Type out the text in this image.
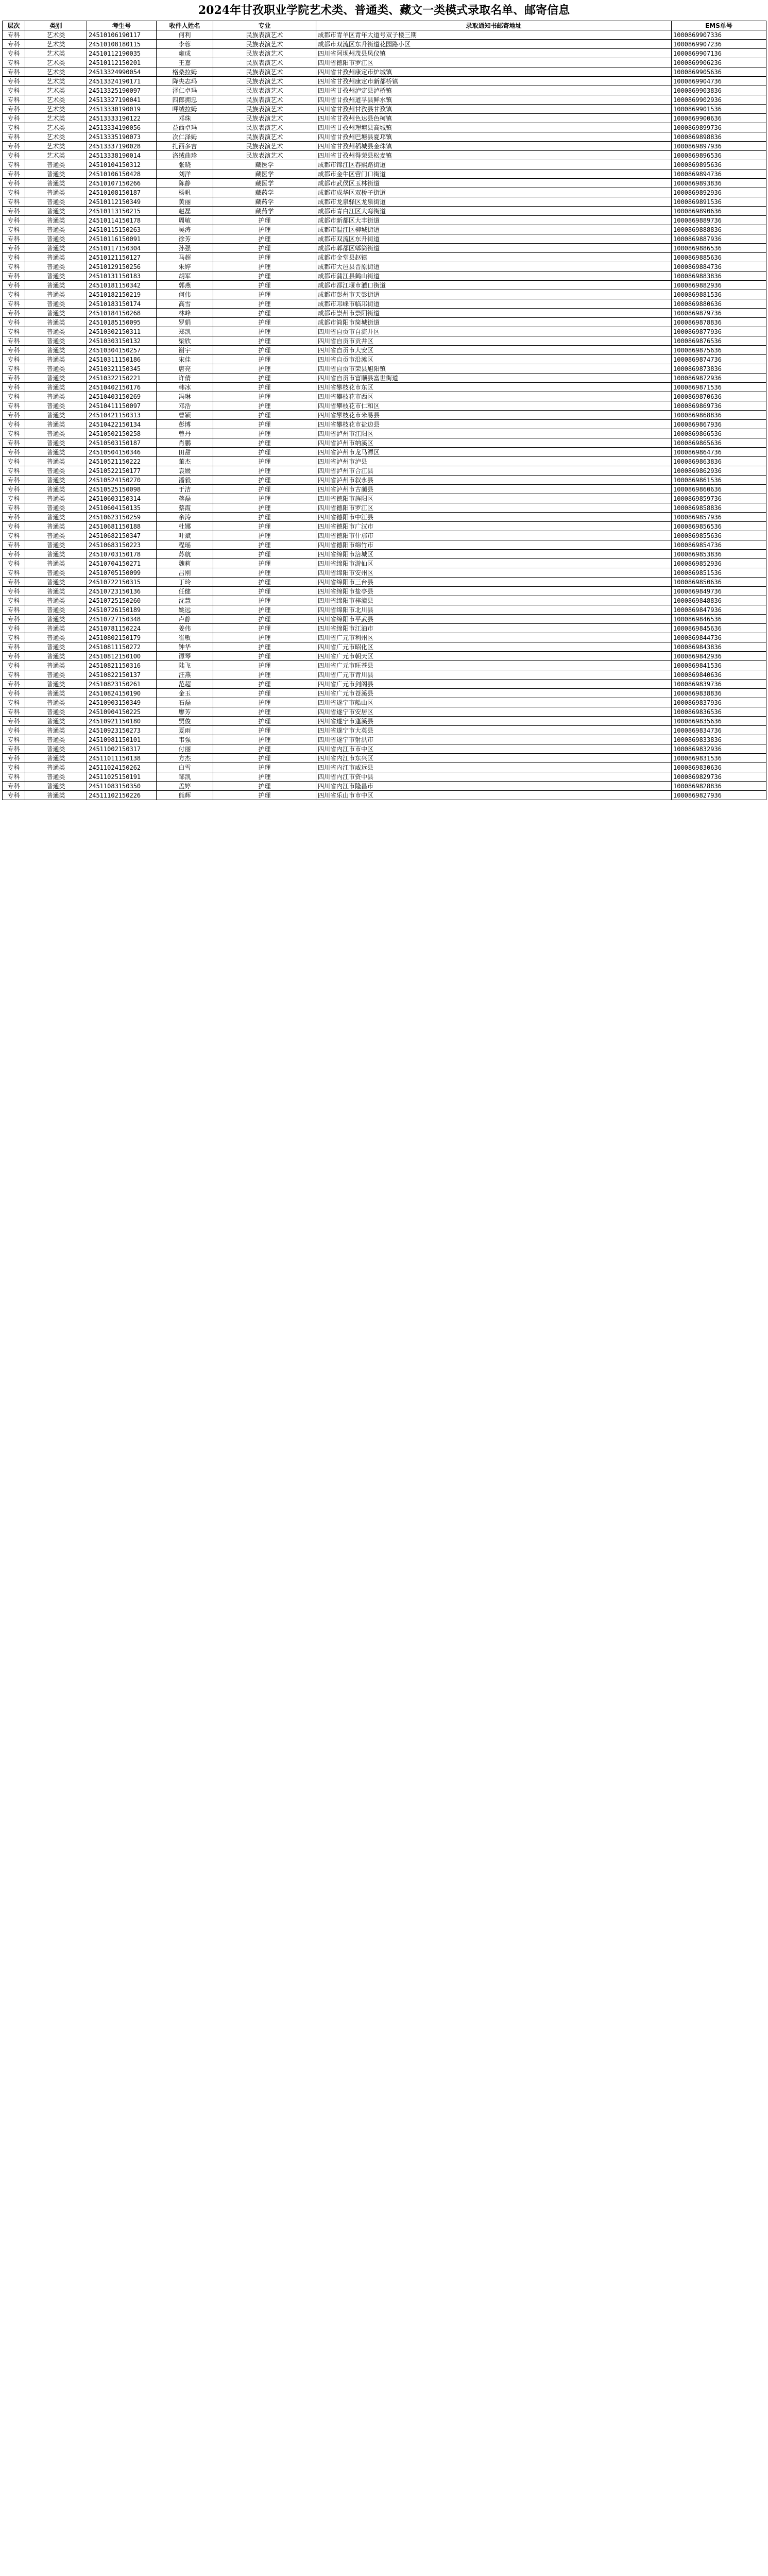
2024年甘孜职业学院艺术类、普通类、藏文一类模式录取名单、邮寄信息
层次	类别	考生号	收件人姓名	专业	录取通知书邮寄地址	EMS单号
专科	艺术类	24510106190117	何利	民族表演艺术	成都市青羊区青年大道号双子楼三期	1000869907336
专科	艺术类	24510108180115	李蓉	民族表演艺术	成都市双流区东升街道花园路小区	1000869907236
专科	艺术类	24510112190035	雍成	民族表演艺术	四川省阿坝州茂县凤仪镇	1000869907136
专科	艺术类	24510112150201	王嘉	民族表演艺术	四川省德阳市罗江区	1000869906236
专科	艺术类	24513324990054	格桑拉姆	民族表演艺术	四川省甘孜州康定市炉城镇	1000869905636
专科	艺术类	24513324190171	降央志玛	民族表演艺术	四川省甘孜州康定市新都桥镇	1000869904736
专科	艺术类	24513325190097	泽仁卓玛	民族表演艺术	四川省甘孜州泸定县泸桥镇	1000869903836
专科	艺术类	24513327190041	四郎拥忠	民族表演艺术	四川省甘孜州道孚县鲜水镇	1000869902936
专科	艺术类	24513330190019	呷绒拉姆	民族表演艺术	四川省甘孜州甘孜县甘孜镇	1000869901536
专科	艺术类	24513333190122	邓珠	民族表演艺术	四川省甘孜州色达县色柯镇	1000869900636
专科	艺术类	24513334190056	益西卓玛	民族表演艺术	四川省甘孜州理塘县高城镇	1000869899736
专科	艺术类	24513335190073	次仁泽姆	民族表演艺术	四川省甘孜州巴塘县夏邛镇	1000869898836
专科	艺术类	24513337190028	扎西多吉	民族表演艺术	四川省甘孜州稻城县金珠镇	1000869897936
专科	艺术类	24513338190014	洛绒曲珍	民族表演艺术	四川省甘孜州得荣县松麦镇	1000869896536
专科	普通类	24510104150312	张晓	藏医学	成都市锦江区春熙路街道	1000869895636
专科	普通类	24510106150428	刘洋	藏医学	成都市金牛区营门口街道	1000869894736
专科	普通类	24510107150266	陈静	藏医学	成都市武侯区玉林街道	1000869893836
专科	普通类	24510108150187	杨帆	藏药学	成都市成华区双桥子街道	1000869892936
专科	普通类	24510112150349	黄丽	藏药学	成都市龙泉驿区龙泉街道	1000869891536
专科	普通类	24510113150215	赵磊	藏药学	成都市青白江区大弯街道	1000869890636
专科	普通类	24510114150178	周敏	护理	成都市新都区大丰街道	1000869889736
专科	普通类	24510115150263	吴涛	护理	成都市温江区柳城街道	1000869888836
专科	普通类	24510116150091	徐芳	护理	成都市双流区东升街道	1000869887936
专科	普通类	24510117150304	孙强	护理	成都市郫都区郫筒街道	1000869886536
专科	普通类	24510121150127	马超	护理	成都市金堂县赵镇	1000869885636
专科	普通类	24510129150256	朱婷	护理	成都市大邑县晋原街道	1000869884736
专科	普通类	24510131150183	胡军	护理	成都市蒲江县鹤山街道	1000869883836
专科	普通类	24510181150342	郭燕	护理	成都市都江堰市灌口街道	1000869882936
专科	普通类	24510182150219	何伟	护理	成都市彭州市天彭街道	1000869881536
专科	普通类	24510183150174	高雪	护理	成都市邛崃市临邛街道	1000869880636
专科	普通类	24510184150268	林峰	护理	成都市崇州市崇阳街道	1000869879736
专科	普通类	24510185150095	罗娟	护理	成都市简阳市简城街道	1000869878836
专科	普通类	24510302150311	郑凯	护理	四川省自贡市自流井区	1000869877936
专科	普通类	24510303150132	梁欣	护理	四川省自贡市贡井区	1000869876536
专科	普通类	24510304150257	谢宇	护理	四川省自贡市大安区	1000869875636
专科	普通类	24510311150186	宋佳	护理	四川省自贡市沿滩区	1000869874736
专科	普通类	24510321150345	唐亮	护理	四川省自贡市荣县旭阳镇	1000869873836
专科	普通类	24510322150221	许倩	护理	四川省自贡市富顺县富世街道	1000869872936
专科	普通类	24510402150176	韩冰	护理	四川省攀枝花市东区	1000869871536
专科	普通类	24510403150269	冯琳	护理	四川省攀枝花市西区	1000869870636
专科	普通类	24510411150097	邓浩	护理	四川省攀枝花市仁和区	1000869869736
专科	普通类	24510421150313	曹颖	护理	四川省攀枝花市米易县	1000869868836
专科	普通类	24510422150134	彭博	护理	四川省攀枝花市盐边县	1000869867936
专科	普通类	24510502150258	曾丹	护理	四川省泸州市江阳区	1000869866536
专科	普通类	24510503150187	肖鹏	护理	四川省泸州市纳溪区	1000869865636
专科	普通类	24510504150346	田甜	护理	四川省泸州市龙马潭区	1000869864736
专科	普通类	24510521150222	董杰	护理	四川省泸州市泸县	1000869863836
专科	普通类	24510522150177	袁媛	护理	四川省泸州市合江县	1000869862936
专科	普通类	24510524150270	潘毅	护理	四川省泸州市叙永县	1000869861536
专科	普通类	24510525150098	于洁	护理	四川省泸州市古蔺县	1000869860636
专科	普通类	24510603150314	蒋磊	护理	四川省德阳市旌阳区	1000869859736
专科	普通类	24510604150135	蔡霞	护理	四川省德阳市罗江区	1000869858836
专科	普通类	24510623150259	余涛	护理	四川省德阳市中江县	1000869857936
专科	普通类	24510681150188	杜娜	护理	四川省德阳市广汉市	1000869856536
专科	普通类	24510682150347	叶斌	护理	四川省德阳市什邡市	1000869855636
专科	普通类	24510683150223	程瑶	护理	四川省德阳市绵竹市	1000869854736
专科	普通类	24510703150178	苏航	护理	四川省绵阳市涪城区	1000869853836
专科	普通类	24510704150271	魏莉	护理	四川省绵阳市游仙区	1000869852936
专科	普通类	24510705150099	吕刚	护理	四川省绵阳市安州区	1000869851536
专科	普通类	24510722150315	丁玲	护理	四川省绵阳市三台县	1000869850636
专科	普通类	24510723150136	任健	护理	四川省绵阳市盐亭县	1000869849736
专科	普通类	24510725150260	沈慧	护理	四川省绵阳市梓潼县	1000869848836
专科	普通类	24510726150189	姚远	护理	四川省绵阳市北川县	1000869847936
专科	普通类	24510727150348	卢静	护理	四川省绵阳市平武县	1000869846536
专科	普通类	24510781150224	姜伟	护理	四川省绵阳市江油市	1000869845636
专科	普通类	24510802150179	崔敏	护理	四川省广元市利州区	1000869844736
专科	普通类	24510811150272	钟华	护理	四川省广元市昭化区	1000869843836
专科	普通类	24510812150100	谭琴	护理	四川省广元市朝天区	1000869842936
专科	普通类	24510821150316	陆飞	护理	四川省广元市旺苍县	1000869841536
专科	普通类	24510822150137	汪燕	护理	四川省广元市青川县	1000869840636
专科	普通类	24510823150261	范超	护理	四川省广元市剑阁县	1000869839736
专科	普通类	24510824150190	金玉	护理	四川省广元市苍溪县	1000869838836
专科	普通类	24510903150349	石磊	护理	四川省遂宁市船山区	1000869837936
专科	普通类	24510904150225	廖芳	护理	四川省遂宁市安居区	1000869836536
专科	普通类	24510921150180	贾俊	护理	四川省遂宁市蓬溪县	1000869835636
专科	普通类	24510923150273	夏雨	护理	四川省遂宁市大英县	1000869834736
专科	普通类	24510981150101	韦强	护理	四川省遂宁市射洪市	1000869833836
专科	普通类	24511002150317	付丽	护理	四川省内江市市中区	1000869832936
专科	普通类	24511011150138	方杰	护理	四川省内江市东兴区	1000869831536
专科	普通类	24511024150262	白雪	护理	四川省内江市威远县	1000869830636
专科	普通类	24511025150191	邹凯	护理	四川省内江市资中县	1000869829736
专科	普通类	24511083150350	孟婷	护理	四川省内江市隆昌市	1000869828836
专科	普通类	24511102150226	熊辉	护理	四川省乐山市市中区	1000869827936
